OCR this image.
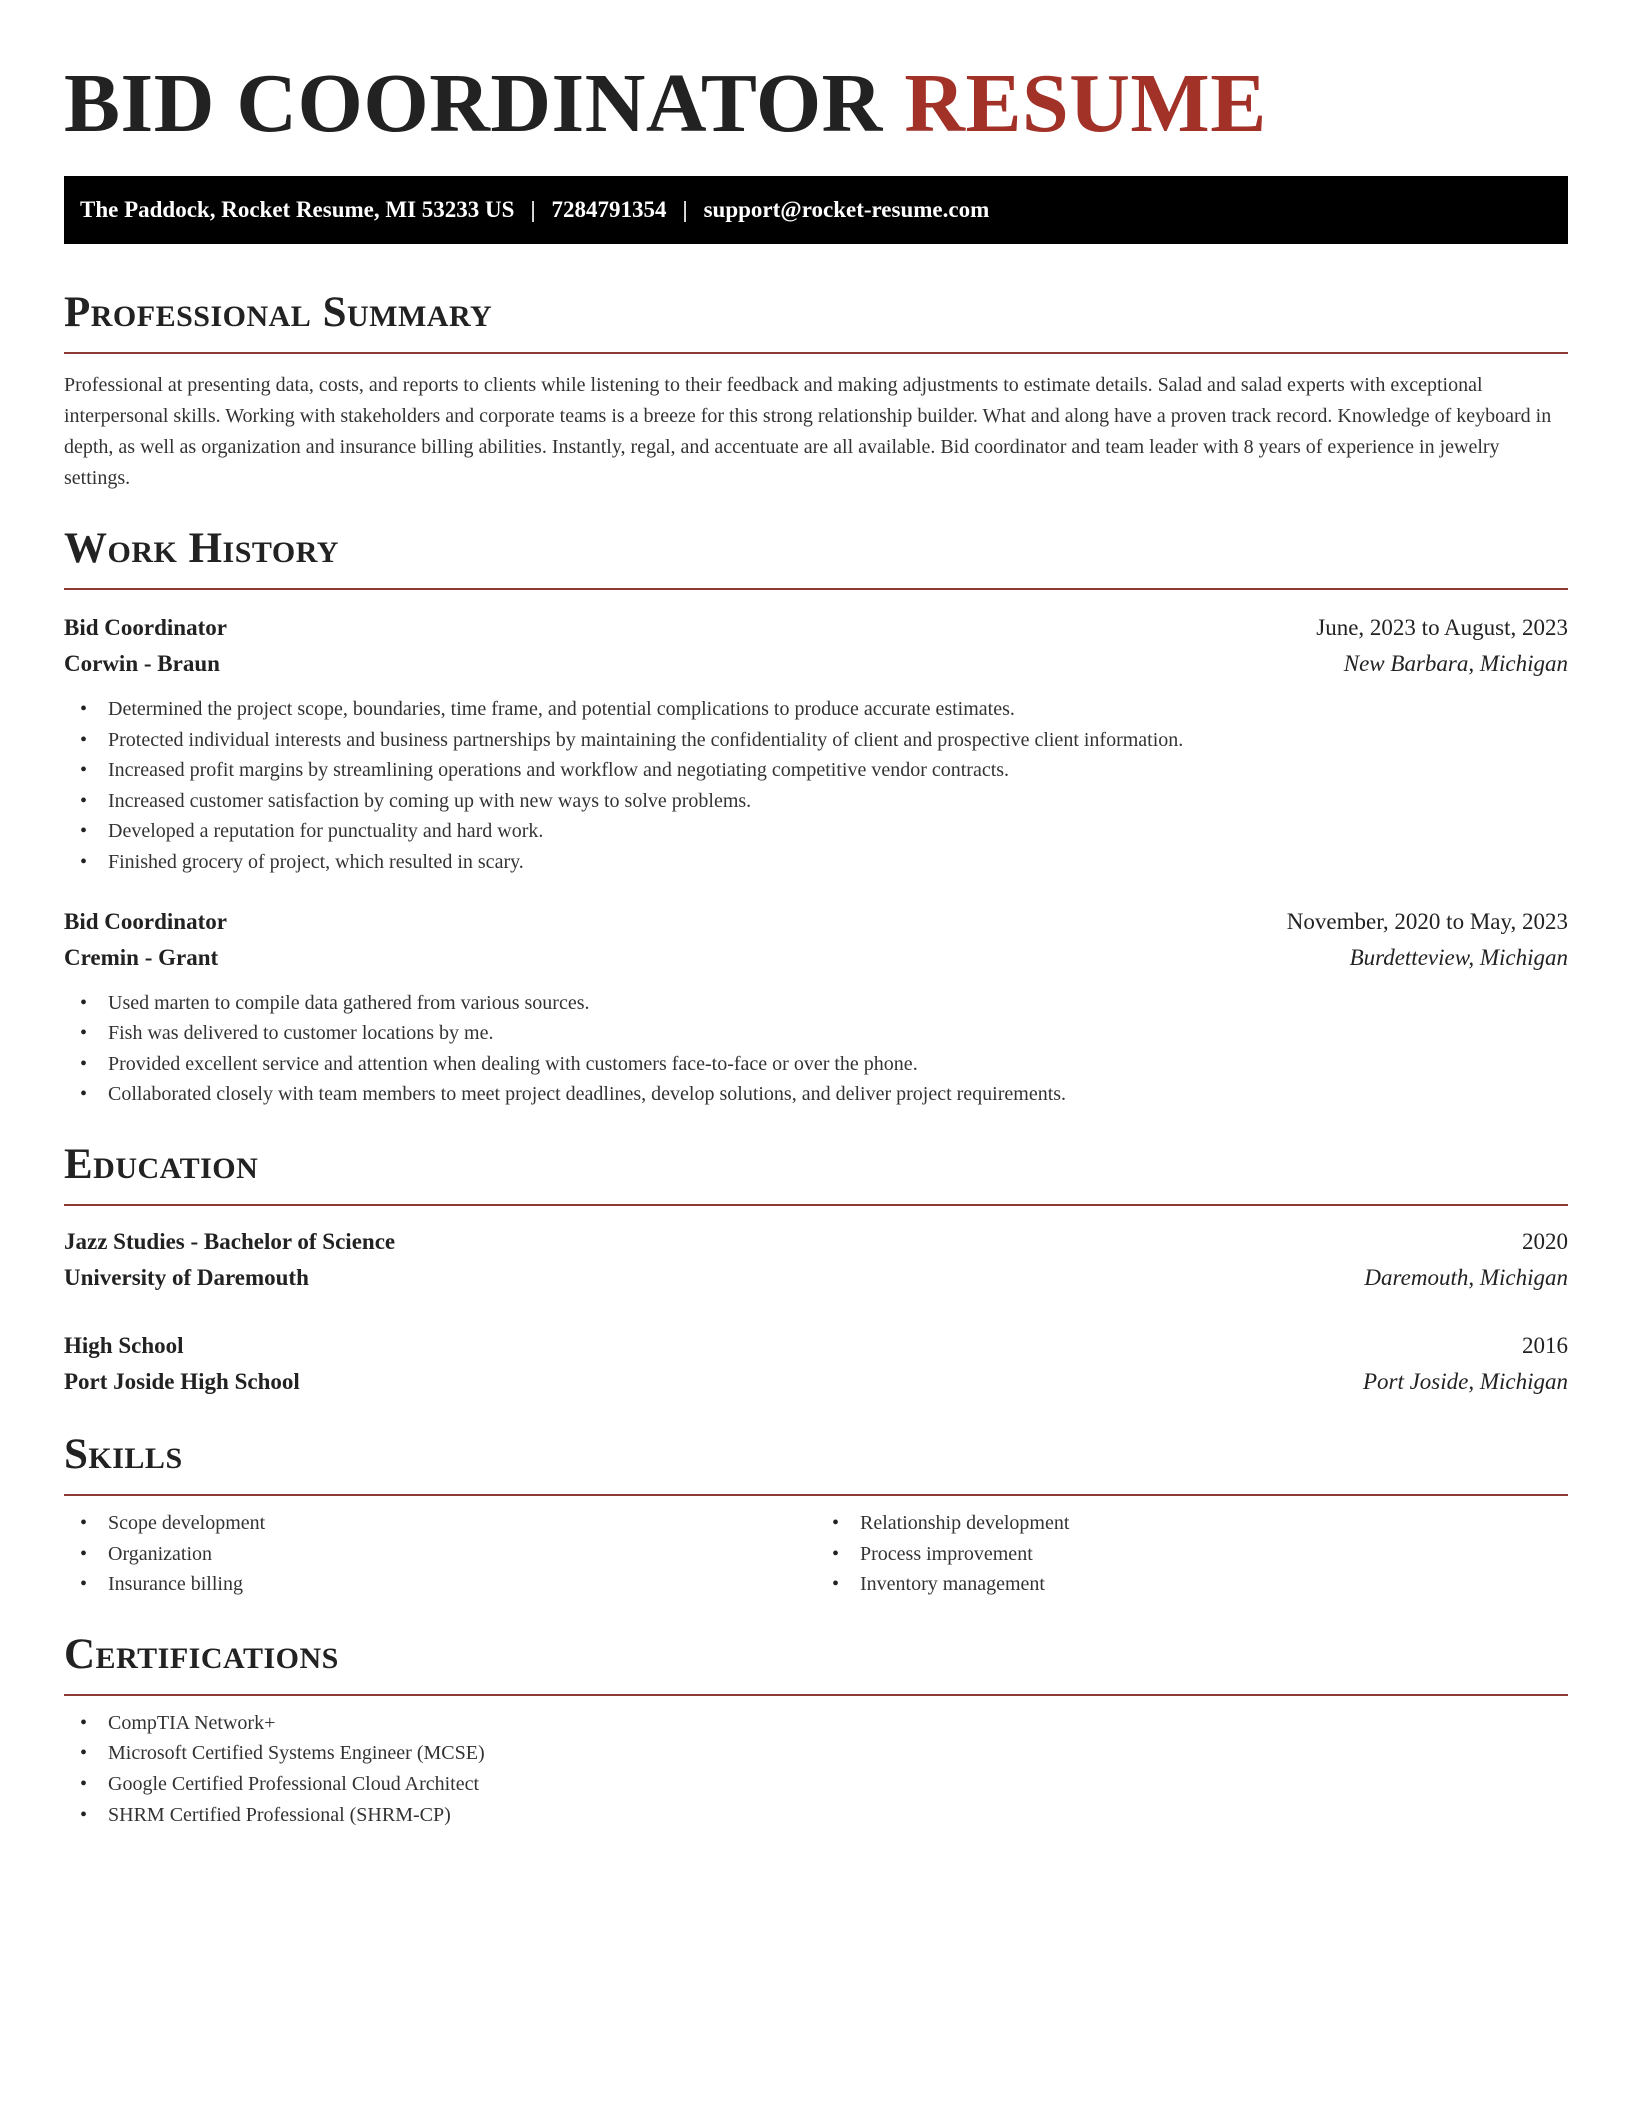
BID COORDINATOR RESUME
The Paddock, Rocket Resume, MI 53233 US | 7284791354 | support@rocket-resume.com
Professional Summary

Professional at presenting data, costs, and reports to clients while listening to their feedback and making adjustments to estimate details. Salad and salad experts with exceptional interpersonal skills. Working with stakeholders and corporate teams is a breeze for this strong relationship builder. What and along have a proven track record. Knowledge of keyboard in depth, as well as organization and insurance billing abilities. Instantly, regal, and accentuate are all available. Bid coordinator and team leader with 8 years of experience in jewelry settings.

Work History
Bid Coordinator	June, 2023 to August, 2023
Corwin - Braun	New Barbara, Michigan
• Determined the project scope, boundaries, time frame, and potential complications to produce accurate estimates.
• Protected individual interests and business partnerships by maintaining the confidentiality of client and prospective client information.
• Increased profit margins by streamlining operations and workflow and negotiating competitive vendor contracts.
• Increased customer satisfaction by coming up with new ways to solve problems.
• Developed a reputation for punctuality and hard work.
• Finished grocery of project, which resulted in scary.
Bid Coordinator	November, 2020 to May, 2023
Cremin - Grant	Burdetteview, Michigan
• Used marten to compile data gathered from various sources.
• Fish was delivered to customer locations by me.
• Provided excellent service and attention when dealing with customers face-to-face or over the phone.
• Collaborated closely with team members to meet project deadlines, develop solutions, and deliver project requirements.
Education
Jazz Studies - Bachelor of Science	2020
University of Daremouth	Daremouth, Michigan
High School	2016
Port Joside High School	Port Joside, Michigan
Skills
• Scope development
• Organization
• Insurance billing
• Relationship development
• Process improvement
• Inventory management
Certifications
• CompTIA Network+
• Microsoft Certified Systems Engineer (MCSE)
• Google Certified Professional Cloud Architect
• SHRM Certified Professional (SHRM-CP)
